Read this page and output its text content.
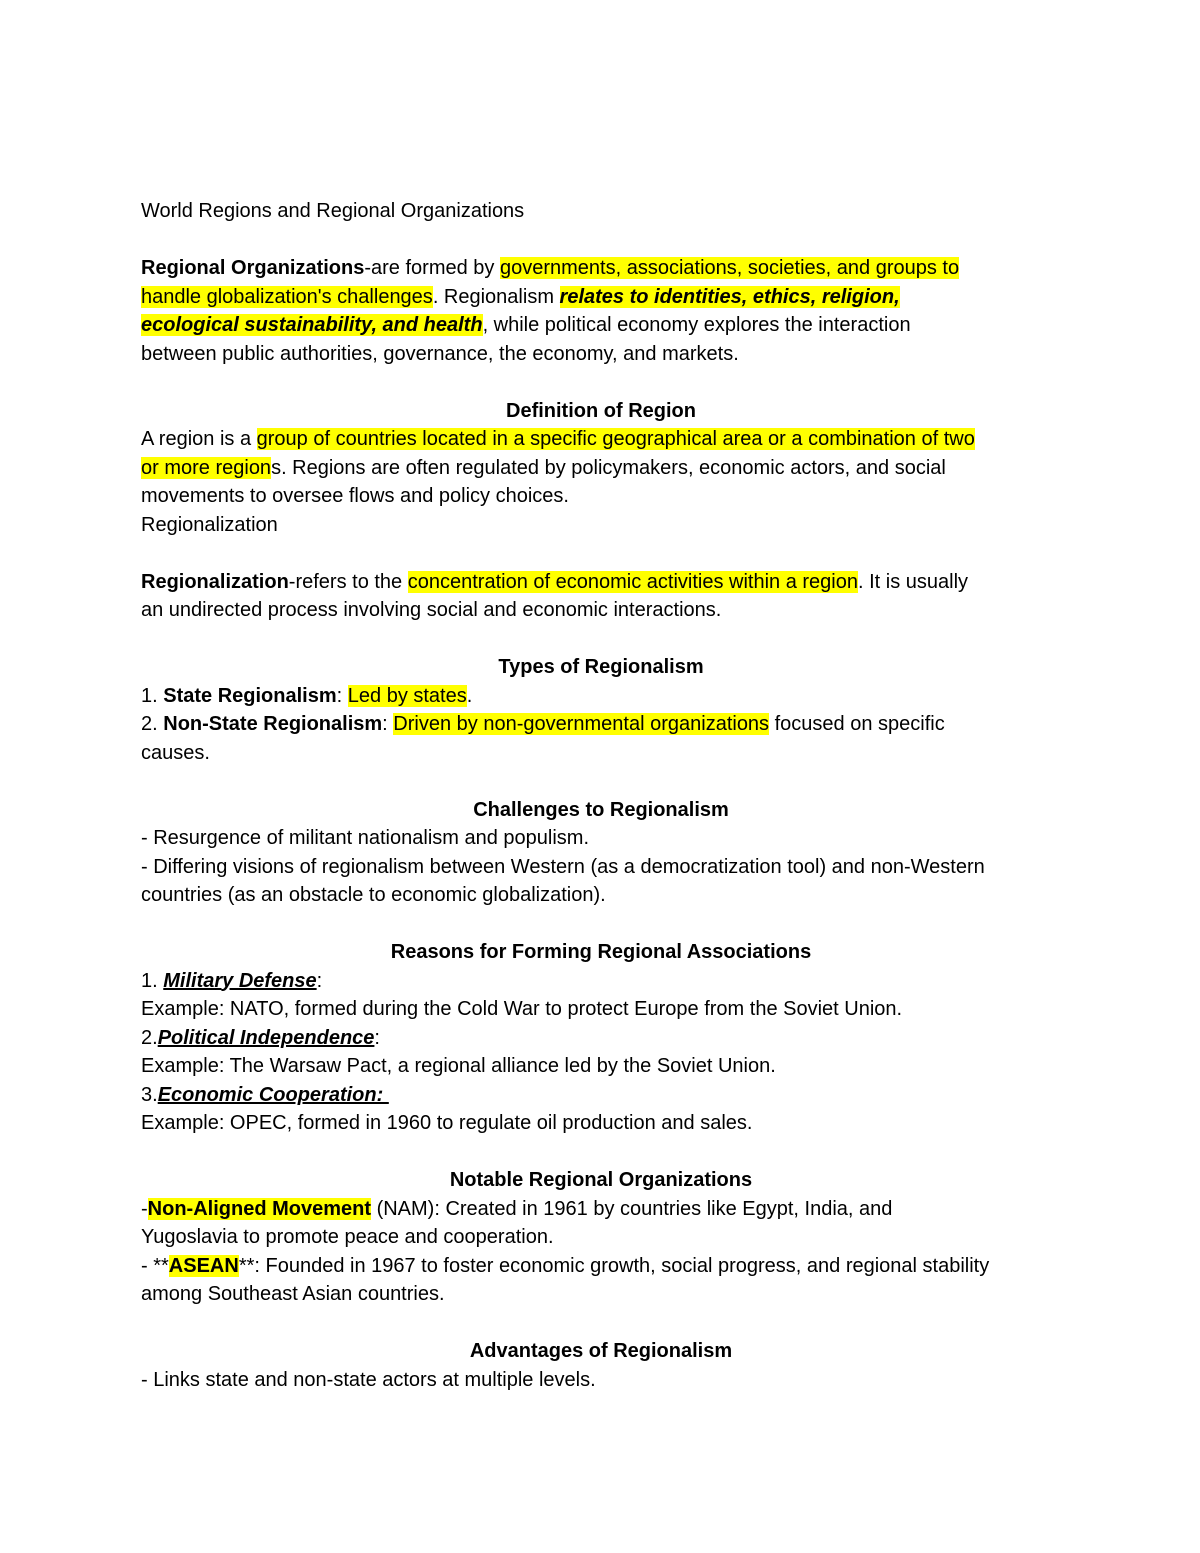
World Regions and Regional Organizations
Regional Organizations-are formed by governments, associations, societies, and groups to
handle globalization's challenges. Regionalism relates to identities, ethics, religion,
ecological sustainability, and health, while political economy explores the interaction
between public authorities, governance, the economy, and markets.
Definition of Region
A region is a group of countries located in a specific geographical area or a combination of two
or more regions. Regions are often regulated by policymakers, economic actors, and social
movements to oversee flows and policy choices.
Regionalization
Regionalization-refers to the concentration of economic activities within a region. It is usually
an undirected process involving social and economic interactions.
Types of Regionalism
1. State Regionalism: Led by states.
2. Non-State Regionalism: Driven by non-governmental organizations focused on specific
causes.
Challenges to Regionalism
- Resurgence of militant nationalism and populism.
- Differing visions of regionalism between Western (as a democratization tool) and non-Western
countries (as an obstacle to economic globalization).
Reasons for Forming Regional Associations
1. Military Defense:
Example: NATO, formed during the Cold War to protect Europe from the Soviet Union.
2.Political Independence:
Example: The Warsaw Pact, a regional alliance led by the Soviet Union.
3.Economic Cooperation:
Example: OPEC, formed in 1960 to regulate oil production and sales.
Notable Regional Organizations
-Non-Aligned Movement (NAM): Created in 1961 by countries like Egypt, India, and
Yugoslavia to promote peace and cooperation.
- **ASEAN**: Founded in 1967 to foster economic growth, social progress, and regional stability
among Southeast Asian countries.
Advantages of Regionalism
- Links state and non-state actors at multiple levels.
